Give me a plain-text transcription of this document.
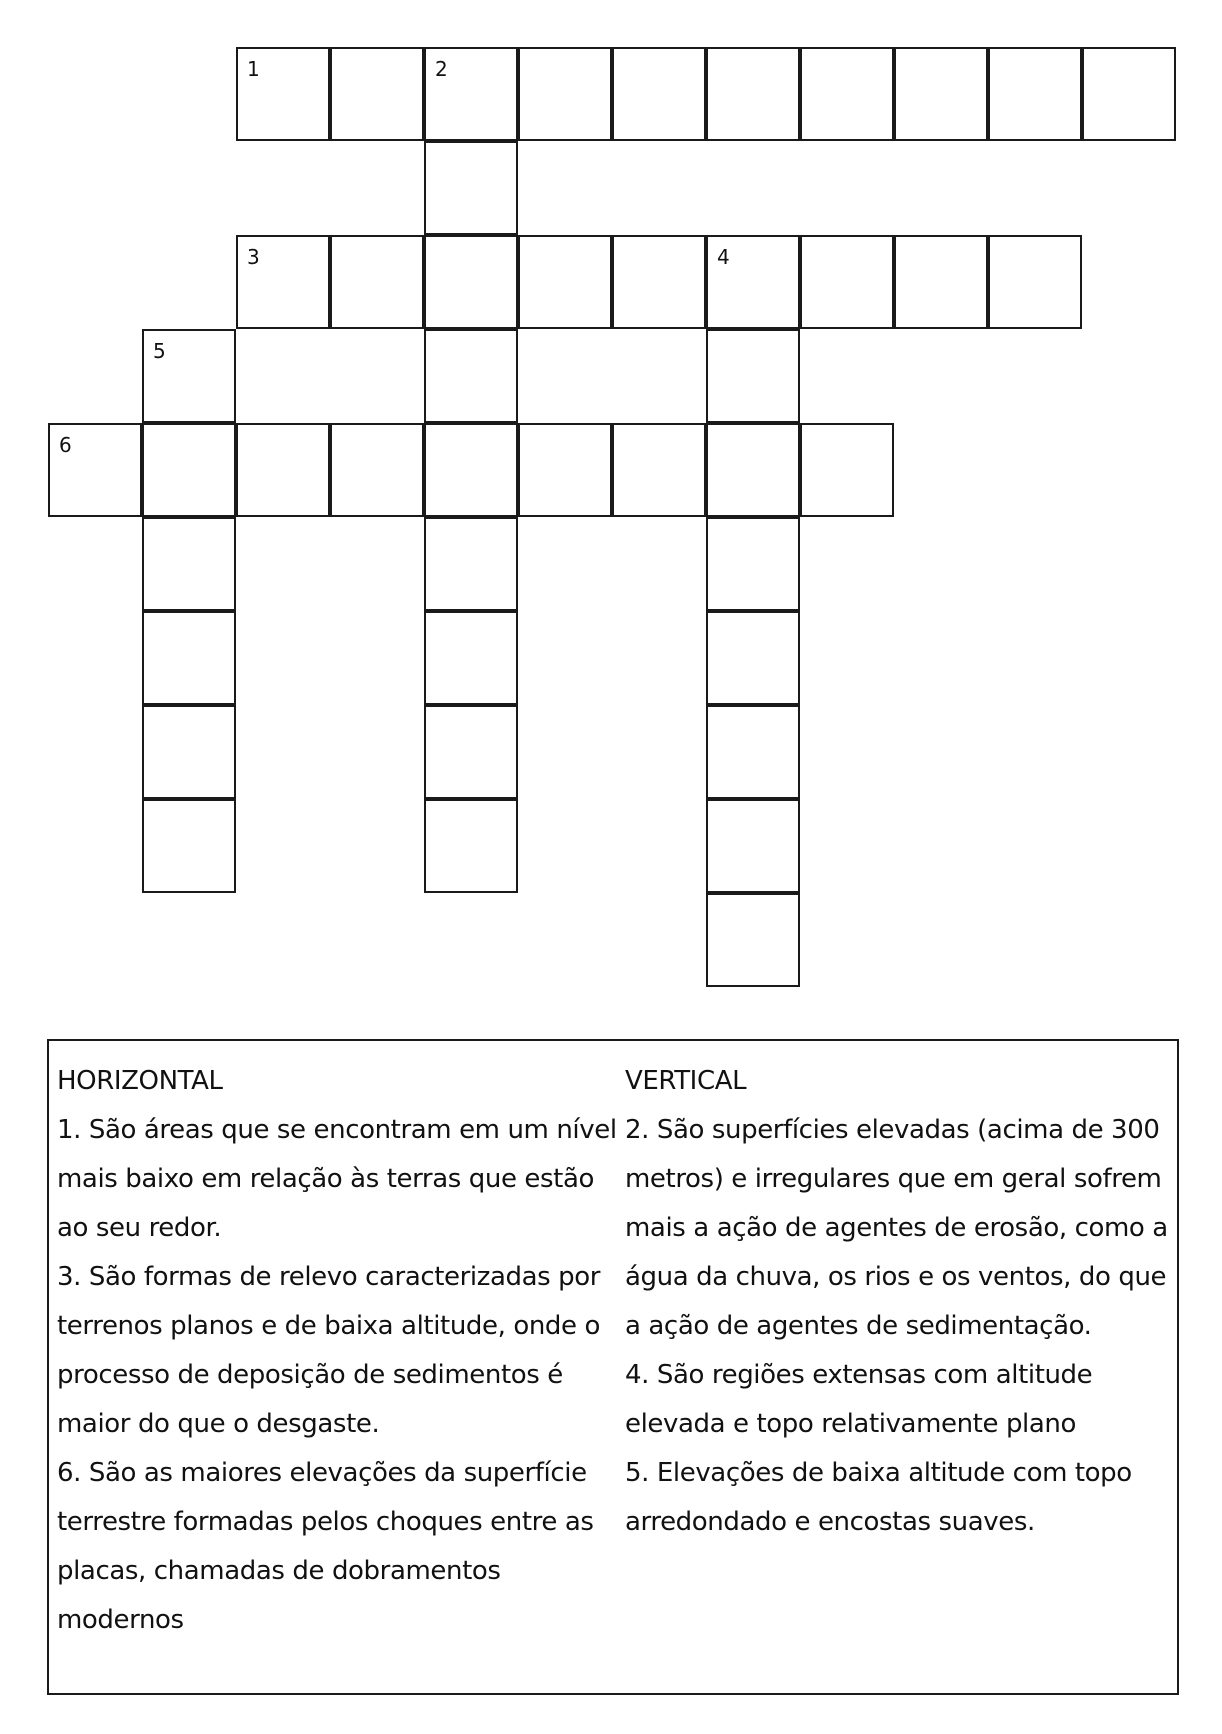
1	2
3	4
5
6
HORIZONTAL
1. São áreas que se encontram em um nível mais baixo em relação às terras que estão ao seu redor.
3. São formas de relevo caracterizadas por terrenos planos e de baixa altitude, onde o processo de deposição de sedimentos é maior do que o desgaste.
6. São as maiores elevações da superfície terrestre formadas pelos choques entre as placas, chamadas de dobramentos modernos
VERTICAL
2. São superfícies elevadas (acima de 300 metros) e irregulares que em geral sofrem mais a ação de agentes de erosão, como a água da chuva, os rios e os ventos, do que a ação de agentes de sedimentação.
4. São regiões extensas com altitude elevada e topo relativamente plano
5. Elevações de baixa altitude com topo arredondado e encostas suaves.
